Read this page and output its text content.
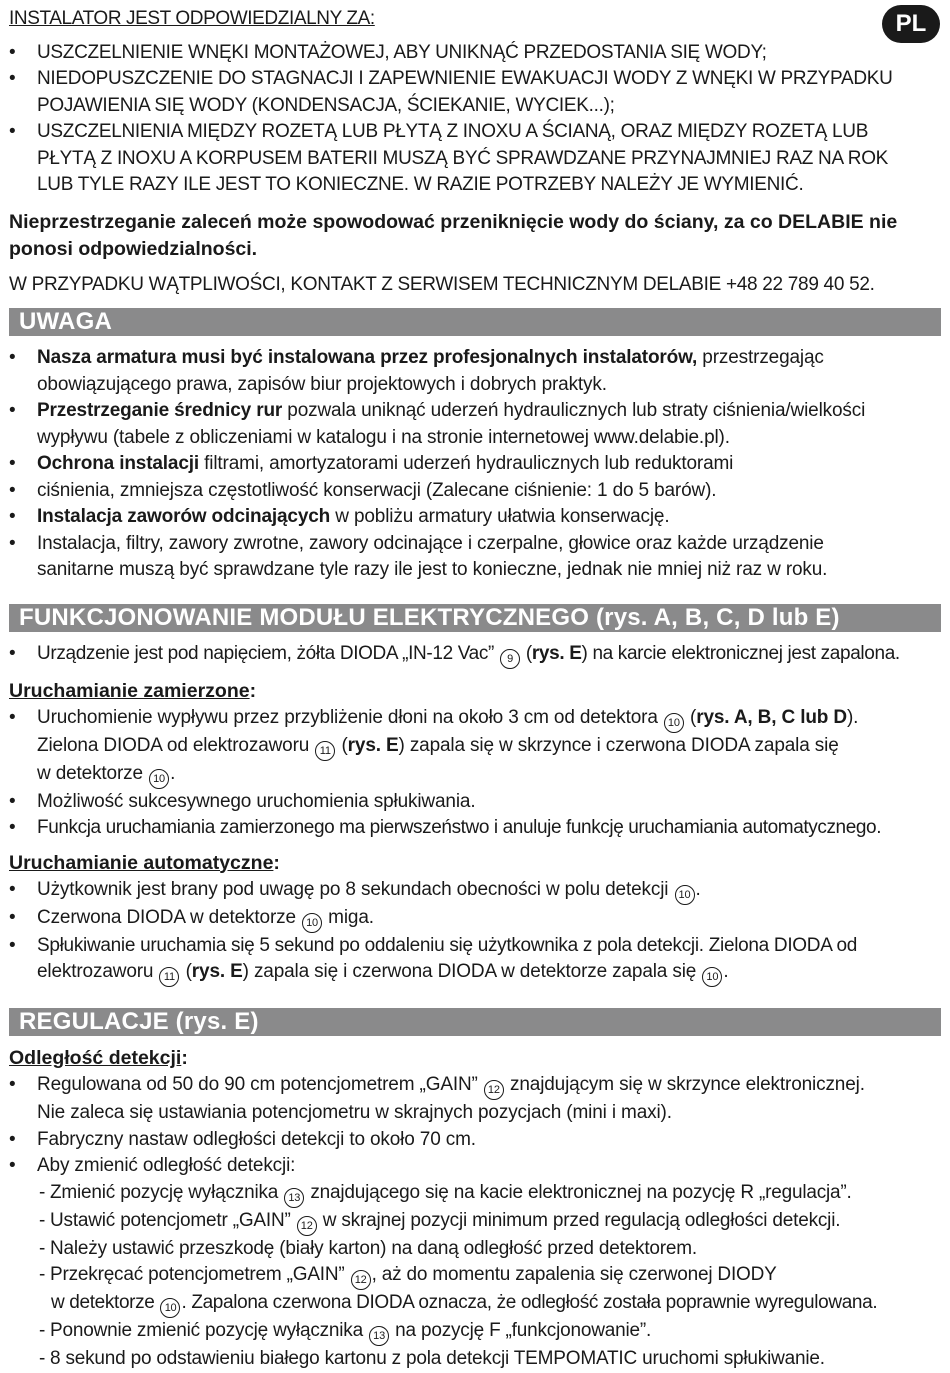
PL

INSTALATOR JEST ODPOWIEDZIALNY ZA:

• USZCZELNIENIE WNĘKI MONTAŻOWEJ, ABY UNIKNĄĆ PRZEDOSTANIA SIĘ WODY;
• NIEDOPUSZCZENIE DO STAGNACJI I ZAPEWNIENIE EWAKUACJI WODY Z WNĘKI W PRZYPADKU
POJAWIENIA SIĘ WODY (KONDENSACJA, ŚCIEKANIE, WYCIEK...);
• USZCZELNIENIA MIĘDZY ROZETĄ LUB PŁYTĄ Z INOXU A ŚCIANĄ, ORAZ MIĘDZY ROZETĄ LUB
PŁYTĄ Z INOXU A KORPUSEM BATERII MUSZĄ BYĆ SPRAWDZANE PRZYNAJMNIEJ RAZ NA ROK
LUB TYLE RAZY ILE JEST TO KONIECZNE. W RAZIE POTRZEBY NALEŻY JE WYMIENIĆ.

Nieprzestrzeganie zaleceń może spowodować przeniknięcie wody do ściany, za co DELABIE nie
ponosi odpowiedzialności.

W PRZYPADKU WĄTPLIWOŚCI, KONTAKT Z SERWISEM TECHNICZNYM DELABIE +48 22 789 40 52.

UWAGA
• Nasza armatura musi być instalowana przez profesjonalnych instalatorów, przestrzegając
obowiązującego prawa, zapisów biur projektowych i dobrych praktyk.
• Przestrzeganie średnicy rur pozwala uniknąć uderzeń hydraulicznych lub straty ciśnienia/wielkości
wypływu (tabele z obliczeniami w katalogu i na stronie internetowej www.delabie.pl).
• Ochrona instalacji filtrami, amortyzatorami uderzeń hydraulicznych lub reduktorami
• ciśnienia, zmniejsza częstotliwość konserwacji (Zalecane ciśnienie: 1 do 5 barów).
• Instalacja zaworów odcinających w pobliżu armatury ułatwia konserwację.
• Instalacja, filtry, zawory zwrotne, zawory odcinające i czerpalne, głowice oraz każde urządzenie
sanitarne muszą być sprawdzane tyle razy ile jest to konieczne, jednak nie mniej niż raz w roku.
FUNKCJONOWANIE MODUŁU ELEKTRYCZNEGO (rys. A, B, C, D lub E)
• Urządzenie jest pod napięciem, żółta DIODA „IN-12 Vac” 9 (rys. E) na karcie elektronicznej jest zapalona.
Uruchamianie zamierzone:
• Uruchomienie wypływu przez przybliżenie dłoni na około 3 cm od detektora 10 (rys. A, B, C lub D).
Zielona DIODA od elektrozaworu 11 (rys. E) zapala się w skrzynce i czerwona DIODA zapala się
w detektorze 10 .
• Możliwość sukcesywnego uruchomienia spłukiwania.
• Funkcja uruchamiania zamierzonego ma pierwszeństwo i anuluje funkcję uruchamiania automatycznego.
Uruchamianie automatyczne:
• Użytkownik jest brany pod uwagę po 8 sekundach obecności w polu detekcji 10 .
• Czerwona DIODA w detektorze 10 miga.
• Spłukiwanie uruchamia się 5 sekund po oddaleniu się użytkownika z pola detekcji. Zielona DIODA od
elektrozaworu 11 (rys. E) zapala się i czerwona DIODA w detektorze zapala się 10 .
REGULACJE (rys. E)
Odległość detekcji:
• Regulowana od 50 do 90 cm potencjometrem „GAIN” 12 znajdującym się w skrzynce elektronicznej.
Nie zaleca się ustawiania potencjometru w skrajnych pozycjach (mini i maxi).
• Fabryczny nastaw odległości detekcji to około 70 cm.
• Aby zmienić odległość detekcji:
- Zmienić pozycję wyłącznika 13 znajdującego się na kacie elektronicznej na pozycję R „regulacja”.
- Ustawić potencjometr „GAIN” 12 w skrajnej pozycji minimum przed regulacją odległości detekcji.
- Należy ustawić przeszkodę (biały karton) na daną odległość przed detektorem.
- Przekręcać potencjometrem „GAIN” 12 , aż do momentu zapalenia się czerwonej DIODY
w detektorze 10 . Zapalona czerwona DIODA oznacza, że odległość została poprawnie wyregulowana.
- Ponownie zmienić pozycję wyłącznika 13 na pozycję F „funkcjonowanie”.
- 8 sekund po odstawieniu białego kartonu z pola detekcji TEMPOMATIC uruchomi spłukiwanie.
